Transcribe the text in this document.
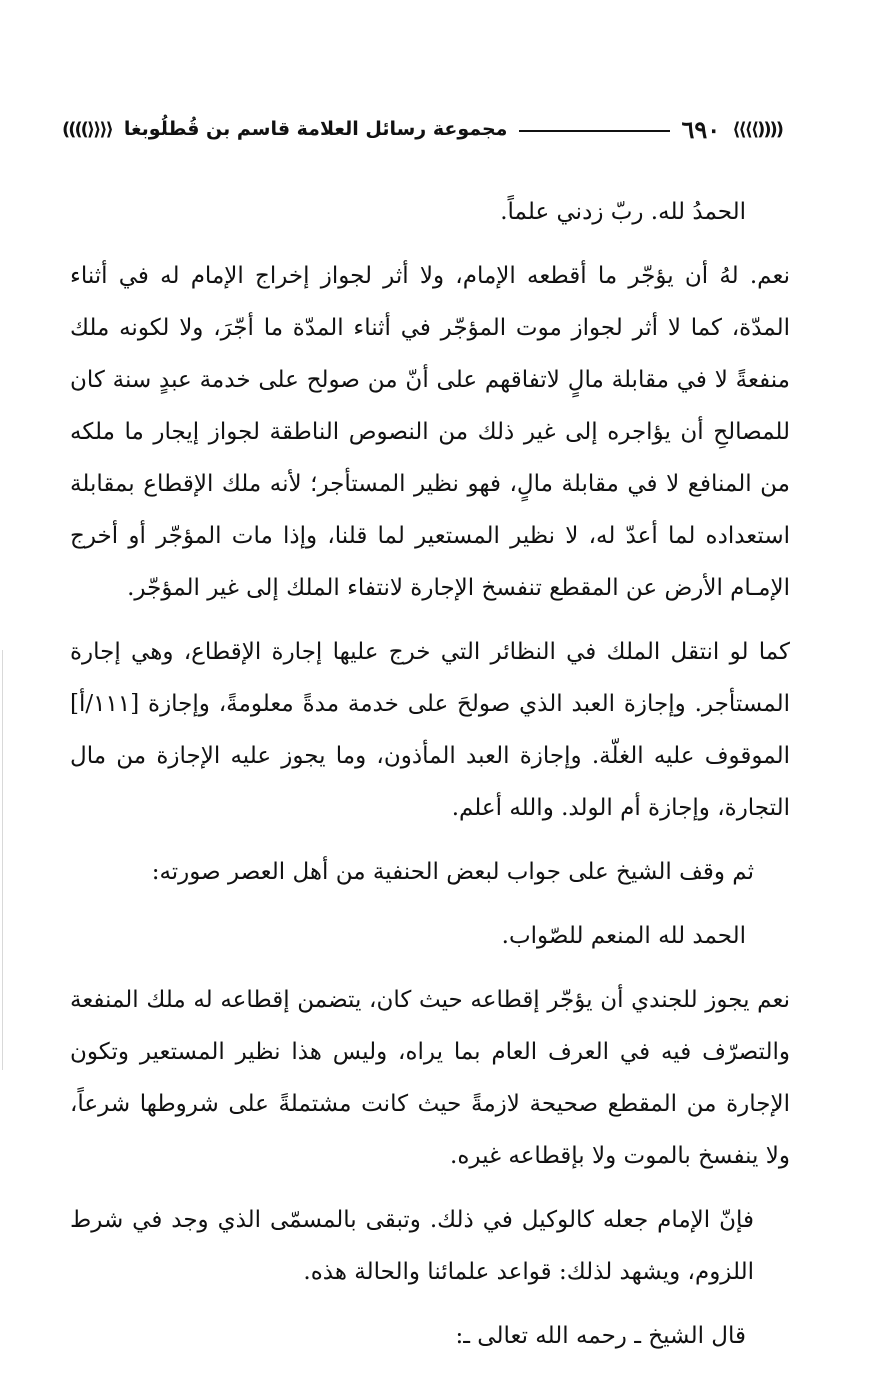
((((⟩⟩⟩⟩
٦٩٠
مجموعة رسائل العلامة قاسم بن قُطلُوبغا
⟨⟨⟨⟨))))

الحمدُ لله. ربّ زدني علماً.

نعم. لهُ أن يؤجّر ما أقطعه الإمام، ولا أثر لجواز إخراج الإمام له في أثناء المدّة، كما لا أثر لجواز موت المؤجّر في أثناء المدّة ما أجّرَ، ولا لكونه ملك منفعةً لا في مقابلة مالٍ لاتفاقهم على أنّ من صولح على خدمة عبدٍ سنة كان للمصالحِ أن يؤاجره إلى غير ذلك من النصوص الناطقة لجواز إيجار ما ملكه من المنافع لا في مقابلة مالٍ، فهو نظير المستأجر؛ لأنه ملك الإقطاع بمقابلة استعداده لما أعدّ له، لا نظير المستعير لما قلنا، وإذا مات المؤجّر أو أخرج الإمـام الأرض عن المقطع تنفسخ الإجارة لانتفاء الملك إلى غير المؤجّر.

كما لو انتقل الملك في النظائر التي خرج عليها إجارة الإقطاع، وهي إجارة المستأجر. وإجازة العبد الذي صولحَ على خدمة مدةً معلومةً، وإجازة [١١١/أ] الموقوف عليه الغلّة. وإجازة العبد المأذون، وما يجوز عليه الإجازة من مال التجارة، وإجازة أم الولد. والله أعلم.

ثم وقف الشيخ على جواب لبعض الحنفية من أهل العصر صورته:

الحمد لله المنعم للصّواب.

نعم يجوز للجندي أن يؤجّر إقطاعه حيث كان، يتضمن إقطاعه له ملك المنفعة والتصرّف فيه في العرف العام بما يراه، وليس هذا نظير المستعير وتكون الإجارة من المقطع صحيحة لازمةً حيث كانت مشتملةً على شروطها شرعاً، ولا ينفسخ بالموت ولا بإقطاعه غيره.

فإنّ الإمام جعله كالوكيل في ذلك. وتبقى بالمسمّى الذي وجد في شرط اللزوم، ويشهد لذلك: قواعد علمائنا والحالة هذه.

قال الشيخ ـ رحمه الله تعالى ـ:
